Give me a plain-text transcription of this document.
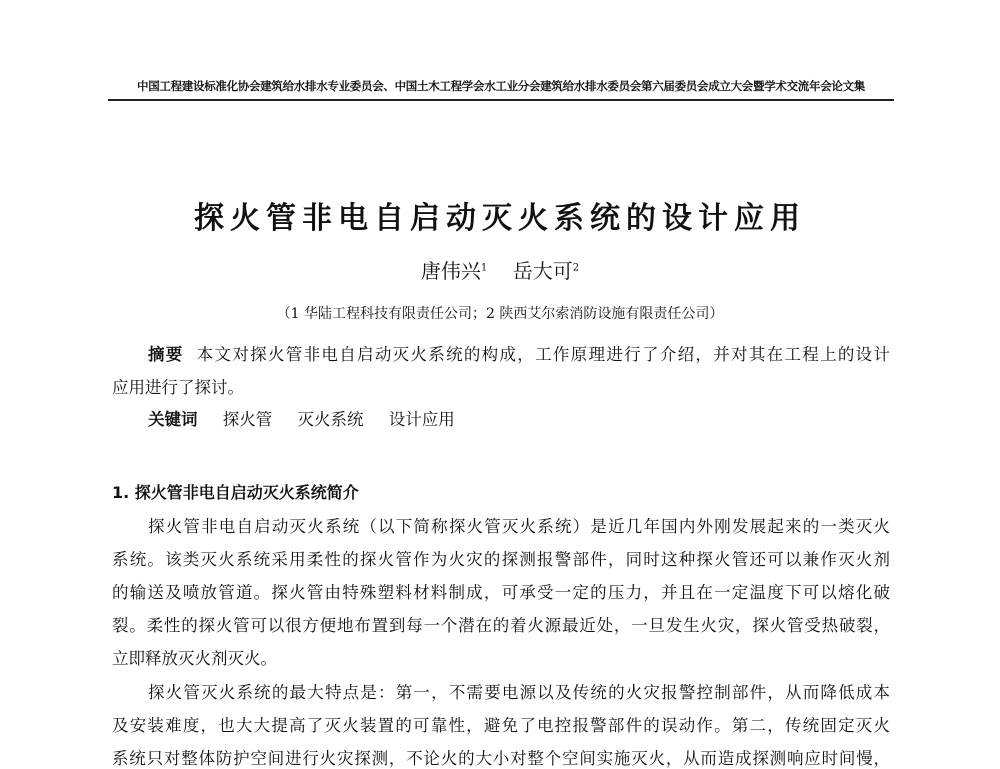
中国工程建设标准化协会建筑给水排水专业委员会、中国土木工程学会水工业分会建筑给水排水委员会第六届委员会成立大会暨学术交流年会论文集
探火管非电自启动灭火系统的设计应用
唐伟兴$^1$ 岳大可$^2$
（1 华陆工程科技有限责任公司；2 陕西艾尔索消防设施有限责任公司）
摘要 本文对探火管非电自启动灭火系统的构成，工作原理进行了介绍，并对其在工程上的设计
应用进行了探讨。
关键词 探火管 灭火系统 设计应用
1. 探火管非电自启动灭火系统简介
探火管非电自启动灭火系统（以下简称探火管灭火系统）是近几年国内外刚发展起来的一类灭火
系统。该类灭火系统采用柔性的探火管作为火灾的探测报警部件，同时这种探火管还可以兼作灭火剂
的输送及喷放管道。探火管由特殊塑料材料制成，可承受一定的压力，并且在一定温度下可以熔化破
裂。柔性的探火管可以很方便地布置到每一个潜在的着火源最近处，一旦发生火灾，探火管受热破裂，
立即释放灭火剂灭火。
探火管灭火系统的最大特点是：第一，不需要电源以及传统的火灾报警控制部件，从而降低成本
及安装难度，也大大提高了灭火装置的可靠性，避免了电控报警部件的误动作。第二，传统固定灭火
系统只对整体防护空间进行火灾探测，不论火的大小对整个空间实施灭火，从而造成探测响应时间慢，
